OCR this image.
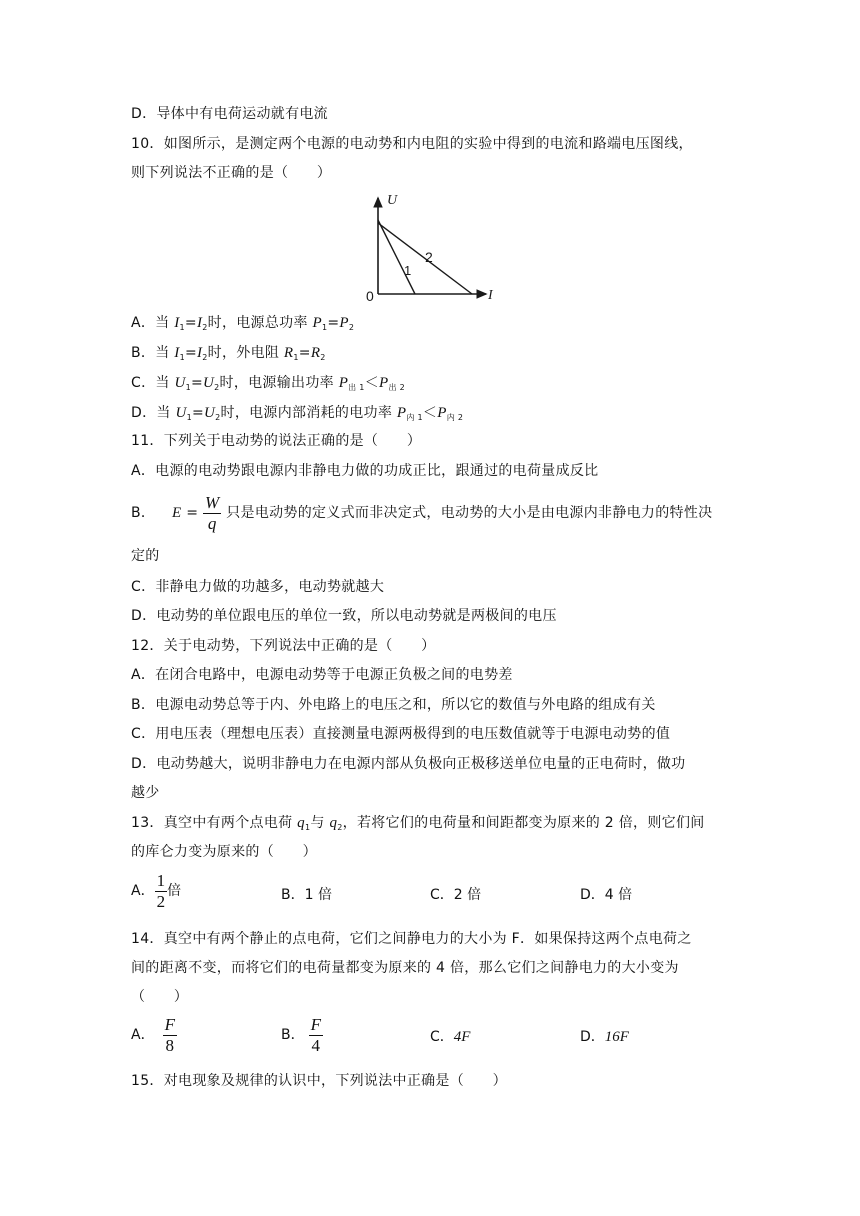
D．导体中有电荷运动就有电流
10．如图所示，是测定两个电源的电动势和内电阻的实验中得到的电流和路端电压图线，
则下列说法不正确的是（　　）
U
I
0
1
2
A．当 $I_1=I_2$时，电源总功率 $P_1=P_2$
B．当 $I_1=I_2$时，外电阻 $R_1=R_2$
C．当 $U_1=U_2$时，电源输出功率 $P_{出 1}<P_{出 2}$
D．当 $U_1=U_2$时，电源内部消耗的电功率 $P_{内 1}<P_{内 2}$
11．下列关于电动势的说法正确的是（　　）
A．电源的电动势跟电源内非静电力做的功成正比，跟通过的电荷量成反比
B． $E = \frac{W}{q}$ 只是电动势的定义式而非决定式，电动势的大小是由电源内非静电力的特性决
定的
C．非静电力做的功越多，电动势就越大
D．电动势的单位跟电压的单位一致，所以电动势就是两极间的电压
12．关于电动势，下列说法中正确的是（　　）
A．在闭合电路中，电源电动势等于电源正负极之间的电势差
B．电源电动势总等于内、外电路上的电压之和，所以它的数值与外电路的组成有关
C．用电压表（理想电压表）直接测量电源两极得到的电压数值就等于电源电动势的值
D．电动势越大，说明非静电力在电源内部从负极向正极移送单位电量的正电荷时，做功
越少
13．真空中有两个点电荷 $q_1$与 $q_2$，若将它们的电荷量和间距都变为原来的 2 倍，则它们间
的库仑力变为原来的（　　）
A． $\frac{1}{2}$ 倍	B．1 倍	C．2 倍	D．4 倍
14．真空中有两个静止的点电荷，它们之间静电力的大小为 F．如果保持这两个点电荷之
间的距离不变，而将它们的电荷量都变为原来的 4 倍，那么它们之间静电力的大小变为
（　　）
A． $\frac{F}{8}$	B． $\frac{F}{4}$	C．4F	D．16F
15．对电现象及规律的认识中，下列说法中正确是（　　）
